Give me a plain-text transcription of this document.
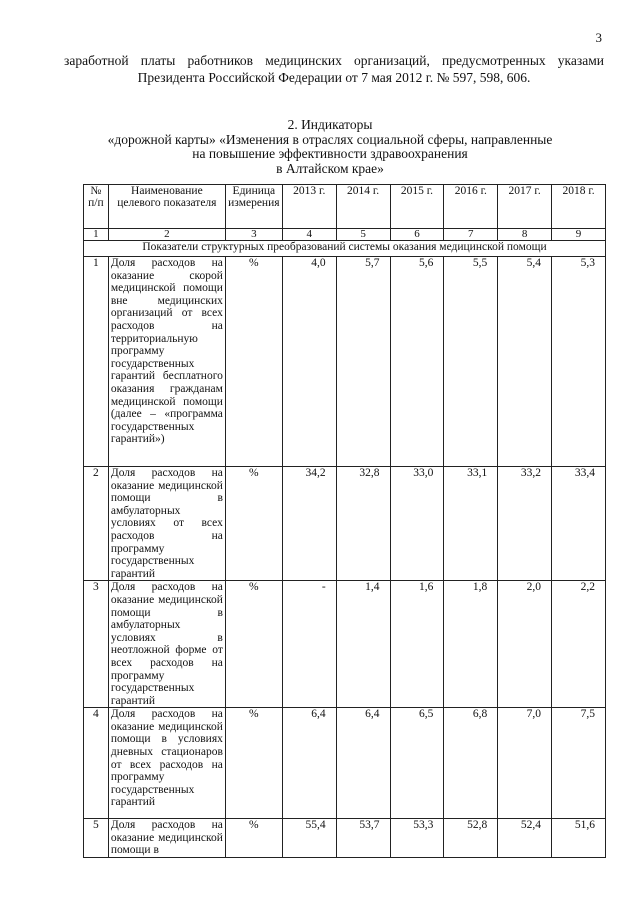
3
заработной платы работников медицинских организаций, предусмотренных указами Президента Российской Федерации от 7 мая 2012 г. № 597, 598, 606.
2. Индикаторы
«дорожной карты» «Изменения в отраслях социальной сферы, направленные
на повышение эффективности здравоохранения
в Алтайском крае»
№ п/п	Наименование целевого показателя	Единица измерения	2013 г.	2014 г.	2015 г.	2016 г.	2017 г.	2018 г.
1	2	3	4	5	6	7	8	9
Показатели структурных преобразований системы оказания медицинской помощи								
1	Доля расходов на оказание скорой медицинской помощи вне медицинских организаций от всех расходов на территориальную программу государственных гарантий бесплатного оказания гражданам медицинской помощи (далее – «программа государственных гарантий»)	%	4,0	5,7	5,6	5,5	5,4	5,3
2	Доля расходов на оказание медицинской помощи в амбулаторных условиях от всех расходов на программу государственных гарантий	%	34,2	32,8	33,0	33,1	33,2	33,4
3	Доля расходов на оказание медицинской помощи в амбулаторных условиях в неотложной форме от всех расходов на программу государственных гарантий	%	-	1,4	1,6	1,8	2,0	2,2
4	Доля расходов на оказание медицинской помощи в условиях дневных стационаров от всех расходов на программу государственных гарантий	%	6,4	6,4	6,5	6,8	7,0	7,5
5	Доля расходов на оказание медицинской помощи в	%	55,4	53,7	53,3	52,8	52,4	51,6
